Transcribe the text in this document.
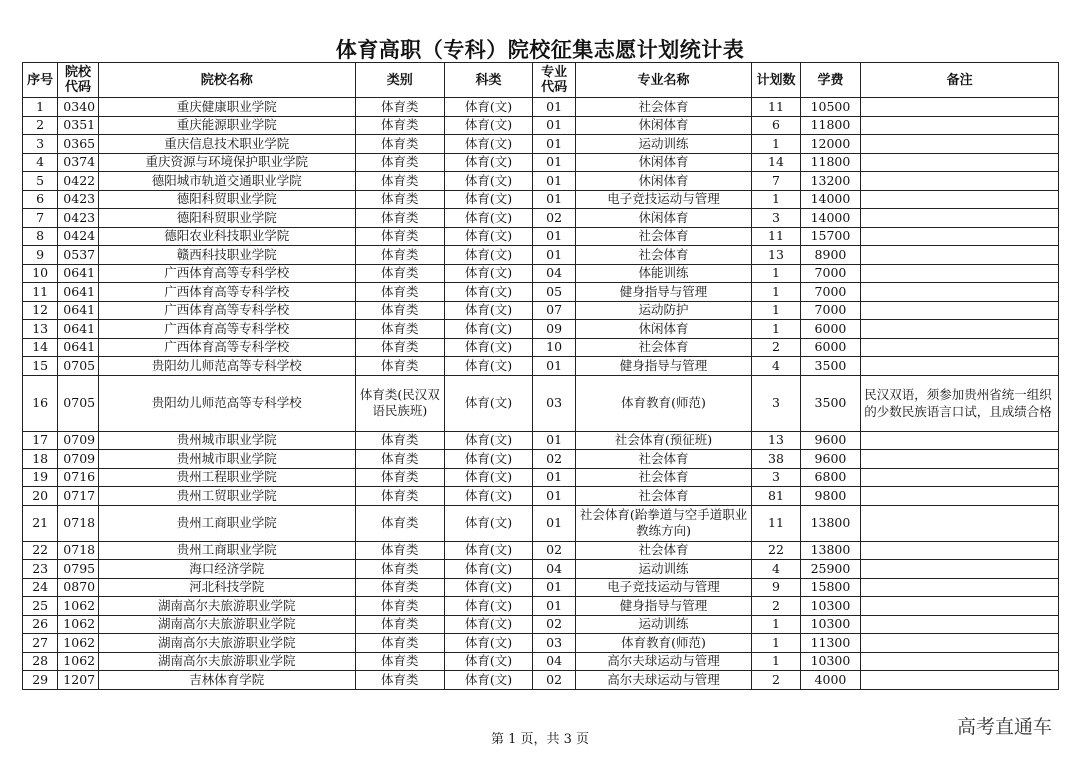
体育高职（专科）院校征集志愿计划统计表
序号	院校代码	院校名称	类别	科类	专业代码	专业名称	计划数	学费	备注
1	0340	重庆健康职业学院	体育类	体育(文)	01	社会体育	11	10500	
2	0351	重庆能源职业学院	体育类	体育(文)	01	休闲体育	6	11800	
3	0365	重庆信息技术职业学院	体育类	体育(文)	01	运动训练	1	12000	
4	0374	重庆资源与环境保护职业学院	体育类	体育(文)	01	休闲体育	14	11800	
5	0422	德阳城市轨道交通职业学院	体育类	体育(文)	01	休闲体育	7	13200	
6	0423	德阳科贸职业学院	体育类	体育(文)	01	电子竞技运动与管理	1	14000	
7	0423	德阳科贸职业学院	体育类	体育(文)	02	休闲体育	3	14000	
8	0424	德阳农业科技职业学院	体育类	体育(文)	01	社会体育	11	15700	
9	0537	赣西科技职业学院	体育类	体育(文)	01	社会体育	13	8900	
10	0641	广西体育高等专科学校	体育类	体育(文)	04	体能训练	1	7000	
11	0641	广西体育高等专科学校	体育类	体育(文)	05	健身指导与管理	1	7000	
12	0641	广西体育高等专科学校	体育类	体育(文)	07	运动防护	1	7000	
13	0641	广西体育高等专科学校	体育类	体育(文)	09	休闲体育	1	6000	
14	0641	广西体育高等专科学校	体育类	体育(文)	10	社会体育	2	6000	
15	0705	贵阳幼儿师范高等专科学校	体育类	体育(文)	01	健身指导与管理	4	3500	
16	0705	贵阳幼儿师范高等专科学校	体育类(民汉双语民族班)	体育(文)	03	体育教育(师范)	3	3500	民汉双语，须参加贵州省统一组织的少数民族语言口试，且成绩合格
17	0709	贵州城市职业学院	体育类	体育(文)	01	社会体育(预征班)	13	9600	
18	0709	贵州城市职业学院	体育类	体育(文)	02	社会体育	38	9600	
19	0716	贵州工程职业学院	体育类	体育(文)	01	社会体育	3	6800	
20	0717	贵州工贸职业学院	体育类	体育(文)	01	社会体育	81	9800	
21	0718	贵州工商职业学院	体育类	体育(文)	01	社会体育(跆拳道与空手道职业教练方向)	11	13800	
22	0718	贵州工商职业学院	体育类	体育(文)	02	社会体育	22	13800	
23	0795	海口经济学院	体育类	体育(文)	04	运动训练	4	25900	
24	0870	河北科技学院	体育类	体育(文)	01	电子竞技运动与管理	9	15800	
25	1062	湖南高尔夫旅游职业学院	体育类	体育(文)	01	健身指导与管理	2	10300	
26	1062	湖南高尔夫旅游职业学院	体育类	体育(文)	02	运动训练	1	10300	
27	1062	湖南高尔夫旅游职业学院	体育类	体育(文)	03	体育教育(师范)	1	11300	
28	1062	湖南高尔夫旅游职业学院	体育类	体育(文)	04	高尔夫球运动与管理	1	10300	
29	1207	吉林体育学院	体育类	体育(文)	02	高尔夫球运动与管理	2	4000	
第 1 页，共 3 页
高考直通车
